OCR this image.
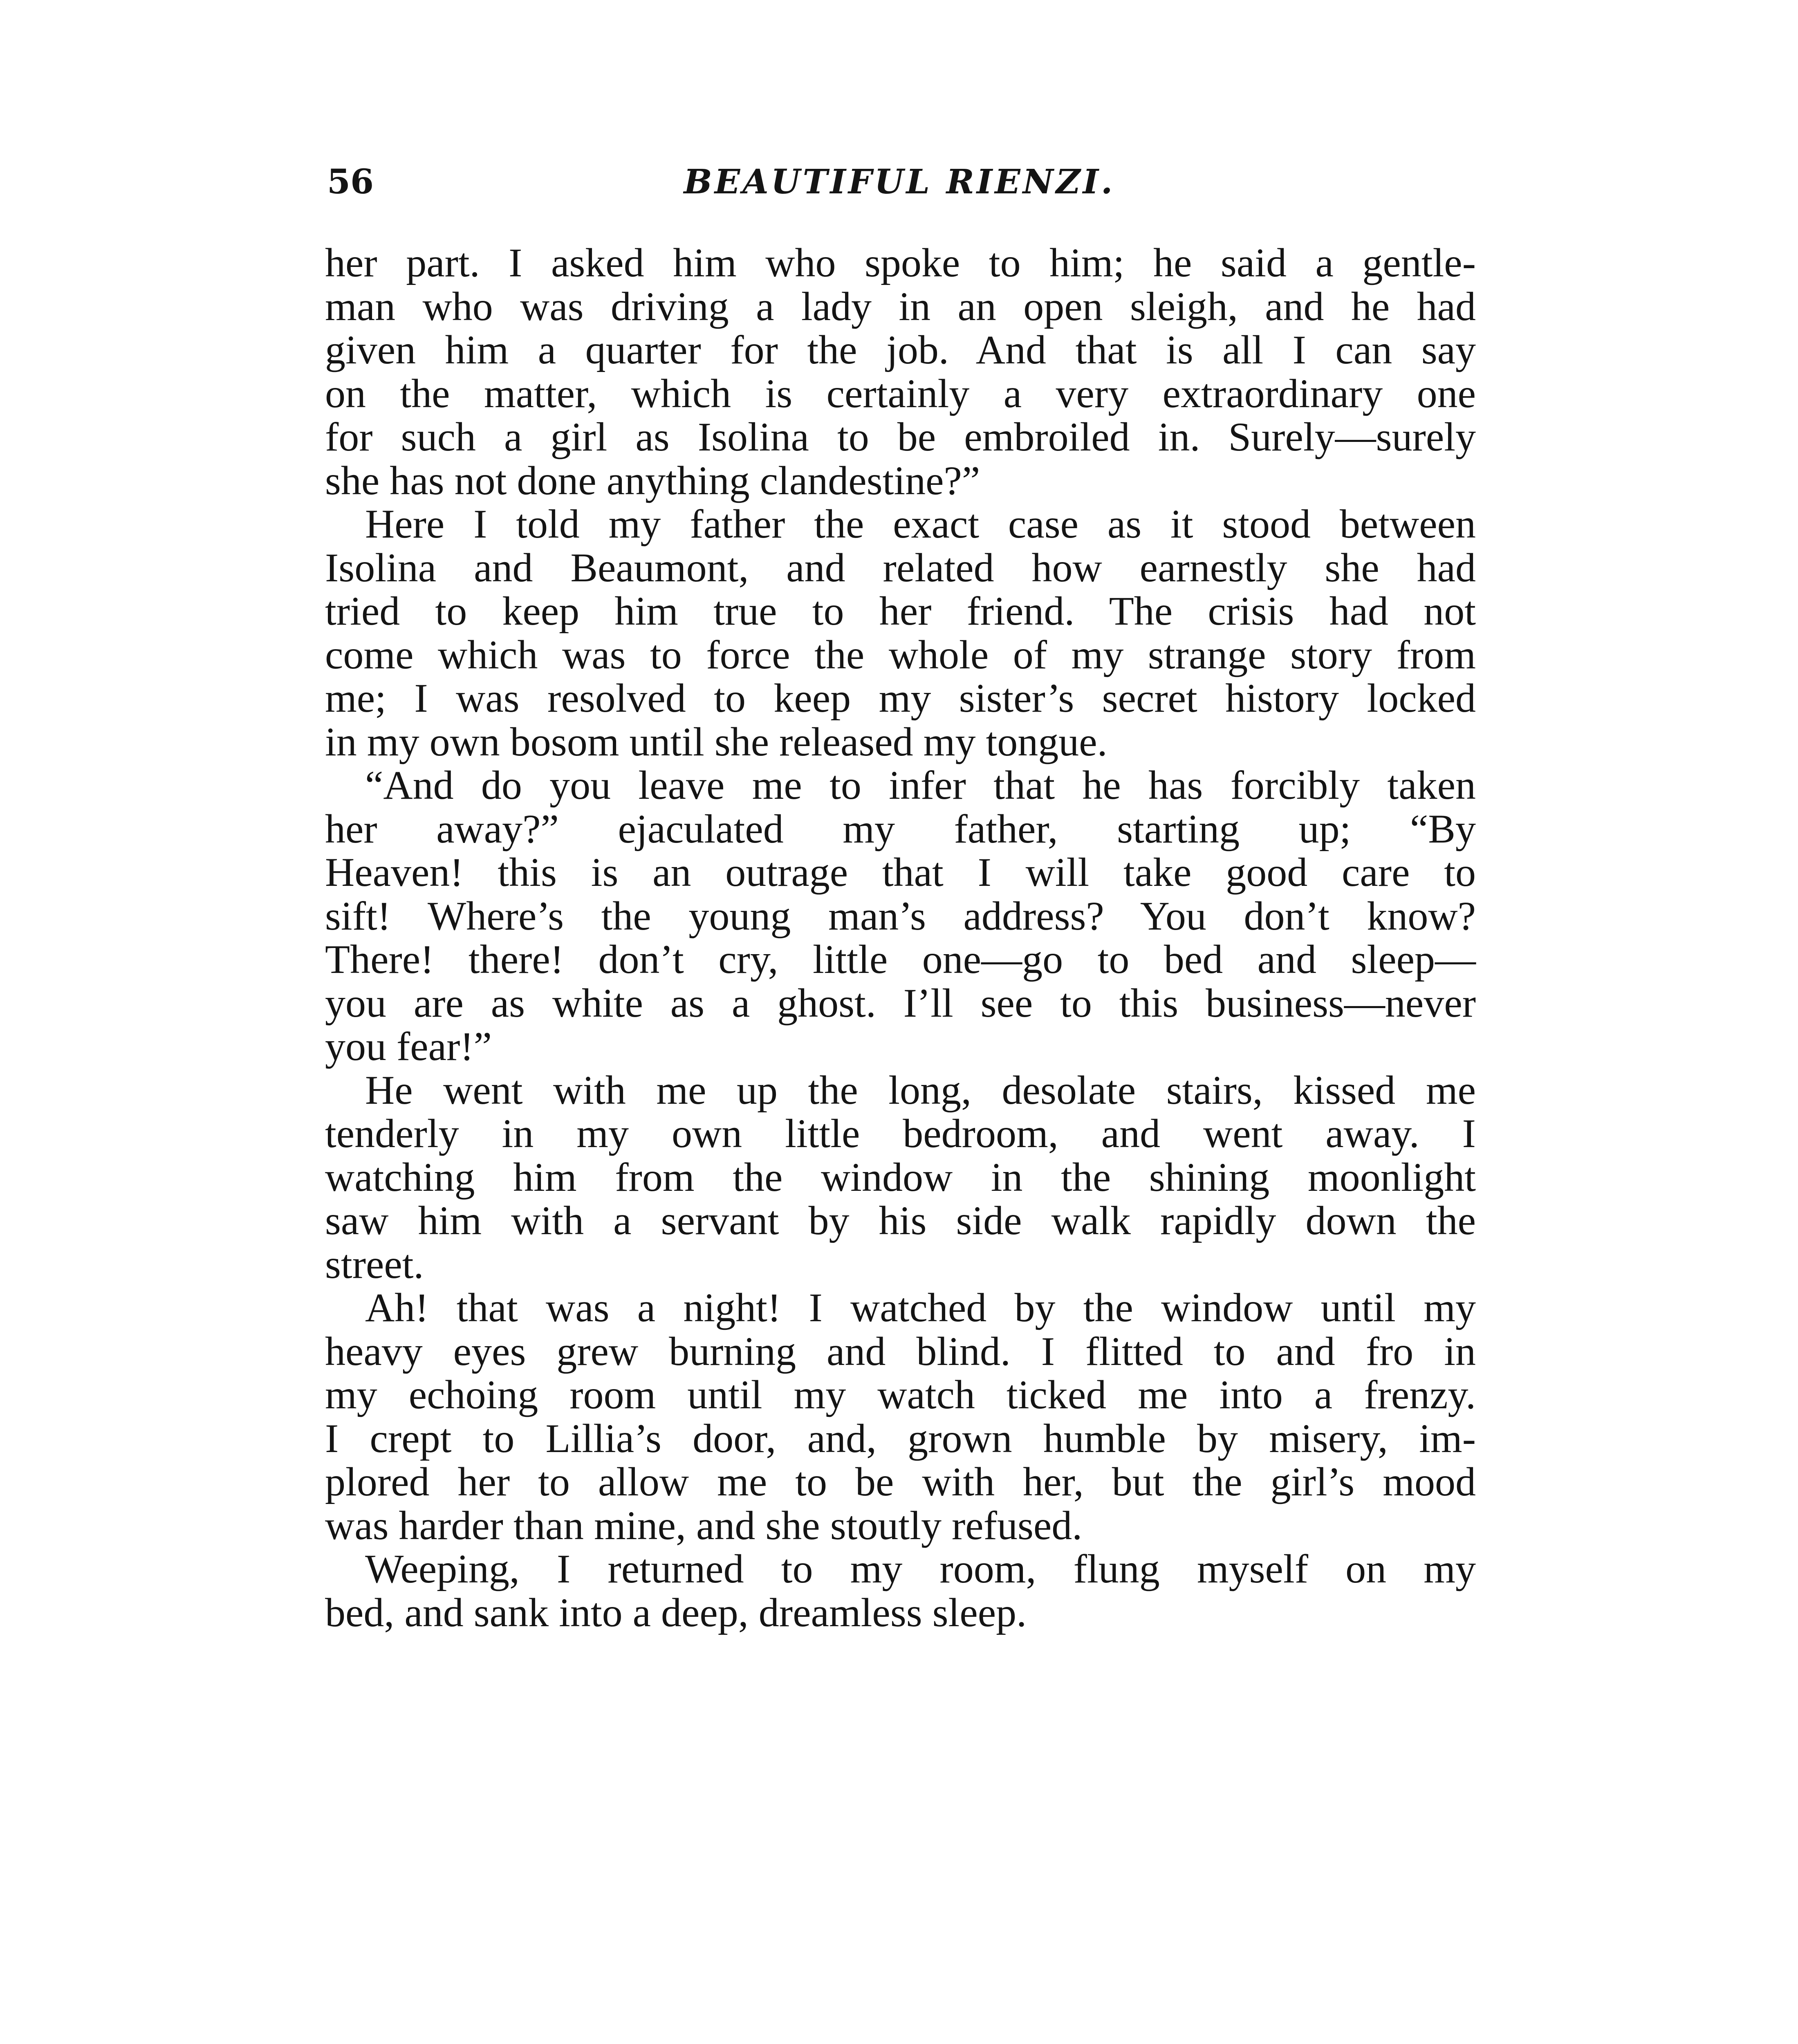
56	BEAUTIFUL RIENZI.
her part. I asked him who spoke to him; he said a gentle-
man who was driving a lady in an open sleigh, and he had
given him a quarter for the job. And that is all I can say
on the matter, which is certainly a very extraordinary one
for such a girl as Isolina to be embroiled in. Surely—surely
she has not done anything clandestine?”
Here I told my father the exact case as it stood between
Isolina and Beaumont, and related how earnestly she had
tried to keep him true to her friend. The crisis had not
come which was to force the whole of my strange story from
me; I was resolved to keep my sister’s secret history locked
in my own bosom until she released my tongue.
“And do you leave me to infer that he has forcibly taken
her away?” ejaculated my father, starting up; “By
Heaven! this is an outrage that I will take good care to
sift! Where’s the young man’s address? You don’t know?
There! there! don’t cry, little one—go to bed and sleep—
you are as white as a ghost. I’ll see to this business—never
you fear!”
He went with me up the long, desolate stairs, kissed me
tenderly in my own little bedroom, and went away. I
watching him from the window in the shining moonlight
saw him with a servant by his side walk rapidly down the
street.
Ah! that was a night! I watched by the window until my
heavy eyes grew burning and blind. I flitted to and fro in
my echoing room until my watch ticked me into a frenzy.
I crept to Lillia’s door, and, grown humble by misery, im-
plored her to allow me to be with her, but the girl’s mood
was harder than mine, and she stoutly refused.
Weeping, I returned to my room, flung myself on my
bed, and sank into a deep, dreamless sleep.
